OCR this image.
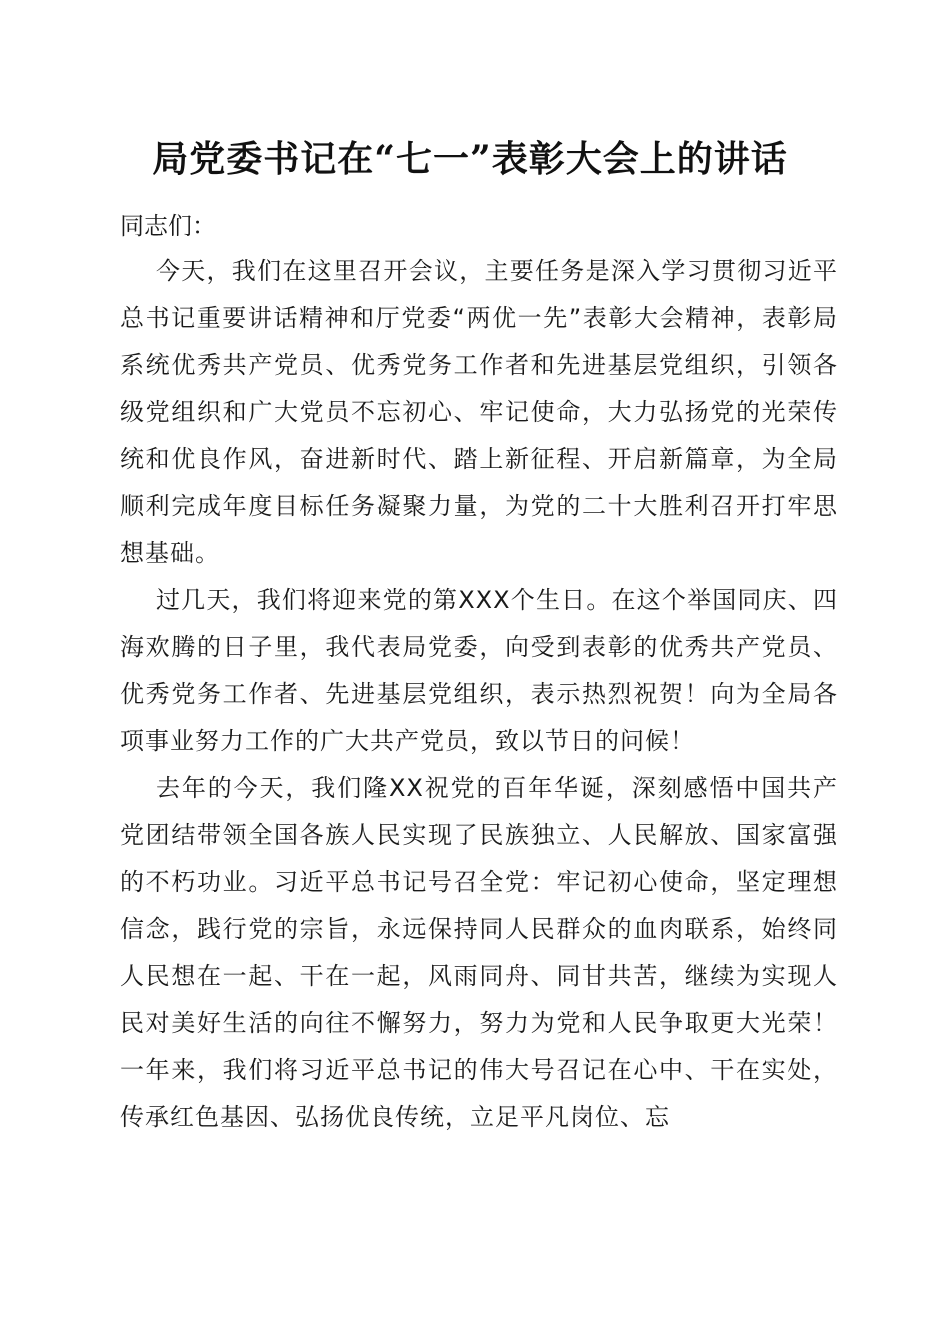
局党委书记在“七一”表彰大会上的讲话

同志们：

今天，我们在这里召开会议，主要任务是深入学习贯彻习近平总书记重要讲话精神和厅党委“两优一先”表彰大会精神，表彰局系统优秀共产党员、优秀党务工作者和先进基层党组织，引领各级党组织和广大党员不忘初心、牢记使命，大力弘扬党的光荣传统和优良作风，奋进新时代、踏上新征程、开启新篇章，为全局顺利完成年度目标任务凝聚力量，为党的二十大胜利召开打牢思想基础。

过几天，我们将迎来党的第XXX个生日。在这个举国同庆、四海欢腾的日子里，我代表局党委，向受到表彰的优秀共产党员、优秀党务工作者、先进基层党组织，表示热烈祝贺！向为全局各项事业努力工作的广大共产党员，致以节日的问候！

去年的今天，我们隆XX祝党的百年华诞，深刻感悟中国共产党团结带领全国各族人民实现了民族独立、人民解放、国家富强的不朽功业。习近平总书记号召全党：牢记初心使命，坚定理想信念，践行党的宗旨，永远保持同人民群众的血肉联系，始终同人民想在一起、干在一起，风雨同舟、同甘共苦，继续为实现人民对美好生活的向往不懈努力，努力为党和人民争取更大光荣！一年来，我们将习近平总书记的伟大号召记在心中、干在实处，传承红色基因、弘扬优良传统，立足平凡岗位、忘
